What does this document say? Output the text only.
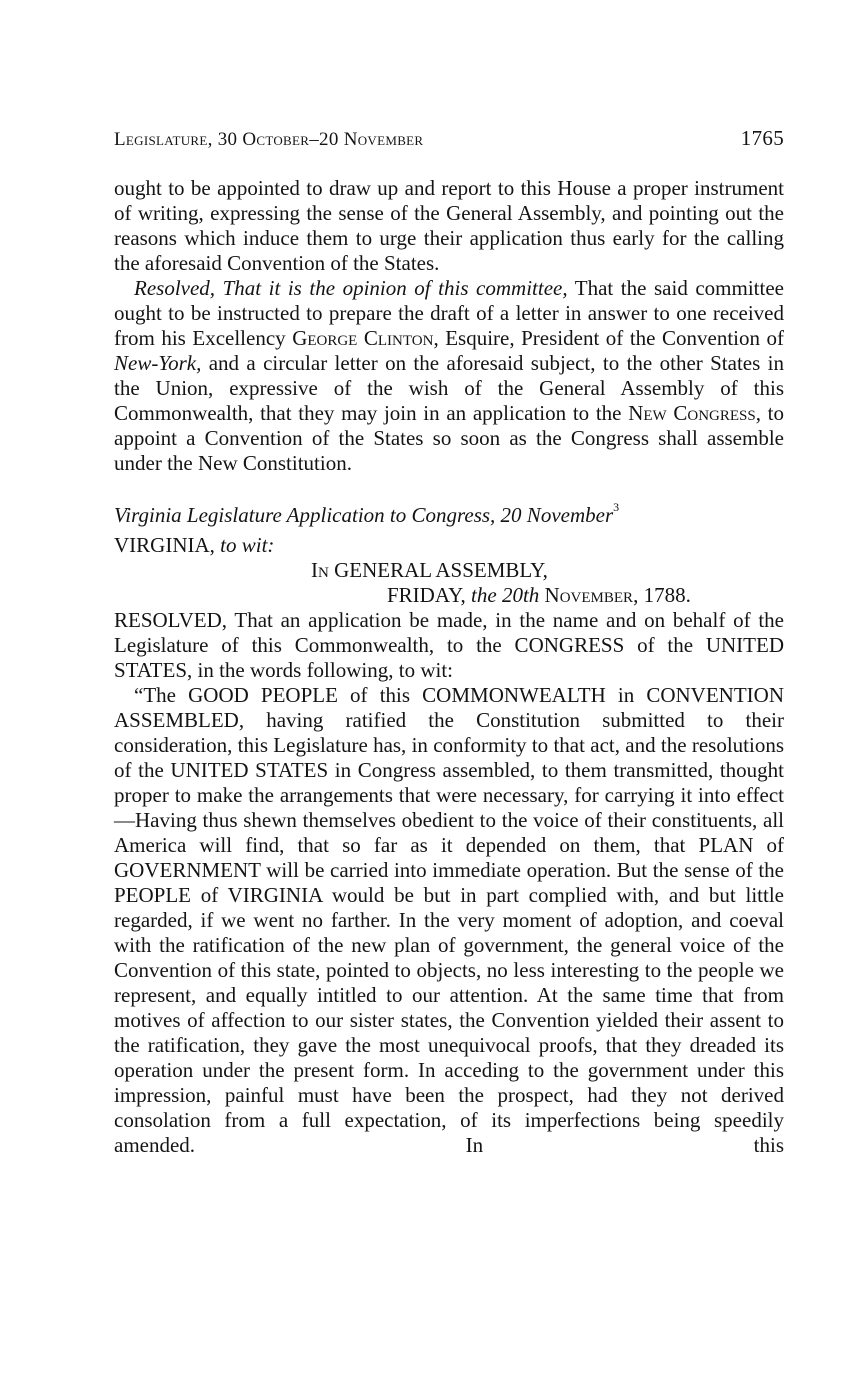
Legislature, 30 October–20 November	1765

ought to be appointed to draw up and report to this House a proper instrument of writing, expressing the sense of the General Assembly, and pointing out the reasons which induce them to urge their application thus early for the calling the aforesaid Convention of the States.

Resolved, That it is the opinion of this committee, That the said committee ought to be instructed to prepare the draft of a letter in answer to one received from his Excellency George Clinton, Esquire, President of the Convention of New-York, and a circular letter on the aforesaid subject, to the other States in the Union, expressive of the wish of the General Assembly of this Commonwealth, that they may join in an application to the New Congress, to appoint a Convention of the States so soon as the Congress shall assemble under the New Constitution.

Virginia Legislature Application to Congress, 20 November$^3$
VIRGINIA, to wit:
In GENERAL ASSEMBLY,
FRIDAY, the 20th November, 1788.

RESOLVED, That an application be made, in the name and on behalf of the Legislature of this Commonwealth, to the CONGRESS of the UNITED STATES, in the words following, to wit:

“The GOOD PEOPLE of this COMMONWEALTH in CONVENTION ASSEMBLED, having ratified the Constitution submitted to their consideration, this Legislature has, in conformity to that act, and the resolutions of the UNITED STATES in Congress assembled, to them transmitted, thought proper to make the arrangements that were necessary, for carrying it into effect—Having thus shewn themselves obedient to the voice of their constituents, all America will find, that so far as it depended on them, that PLAN of GOVERNMENT will be carried into immediate operation. But the sense of the PEOPLE of VIRGINIA would be but in part complied with, and but little regarded, if we went no farther. In the very moment of adoption, and coeval with the ratification of the new plan of government, the general voice of the Convention of this state, pointed to objects, no less interesting to the people we represent, and equally intitled to our attention. At the same time that from motives of affection to our sister states, the Convention yielded their assent to the ratification, they gave the most unequivocal proofs, that they dreaded its operation under the present form. In acceding to the government under this impression, painful must have been the prospect, had they not derived consolation from a full expectation, of its imperfections being speedily amended. In this
